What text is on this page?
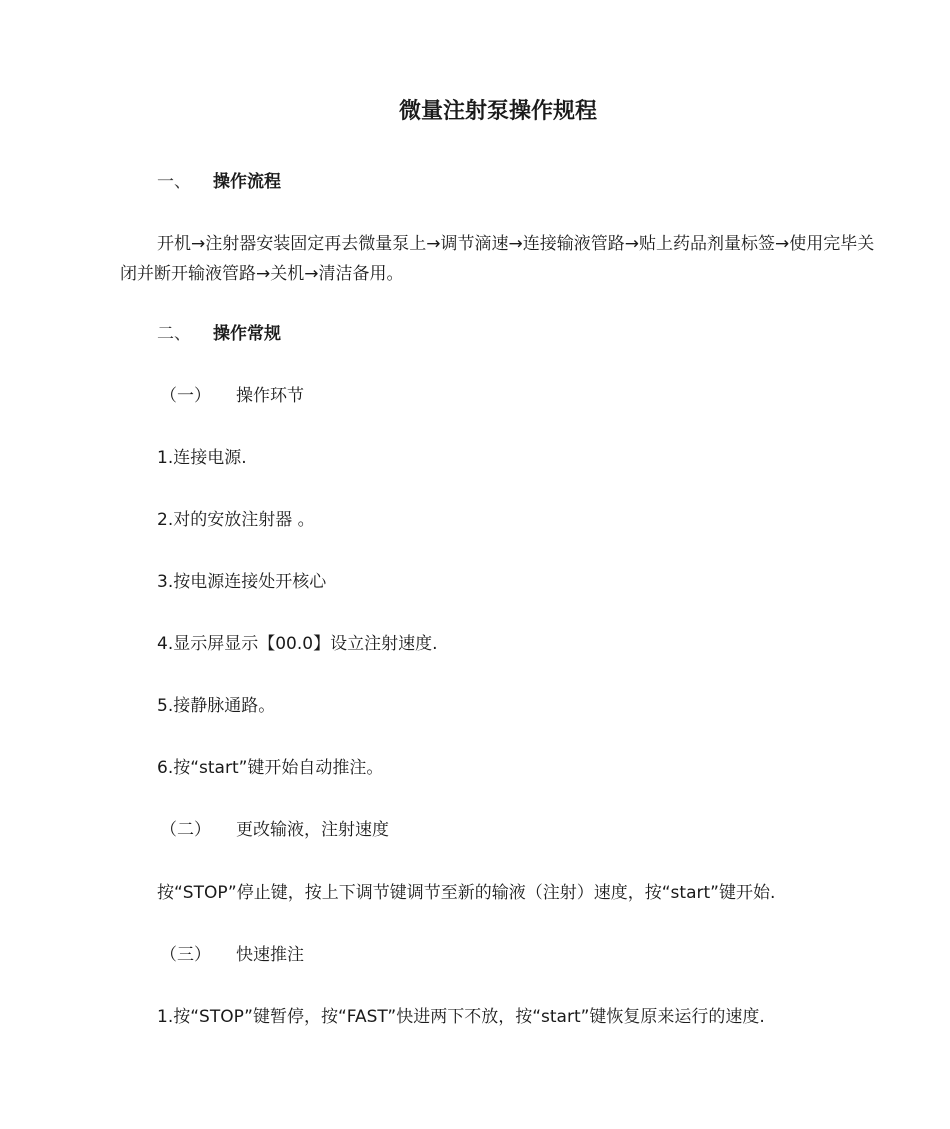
微量注射泵操作规程
一、 操作流程
开机→注射器安装固定再去微量泵上→调节滴速→连接输液管路→贴上药品剂量标签→使用完毕关闭并断开输液管路→关机→清洁备用。
二、 操作常规
（一） 操作环节
1.连接电源.
2.对的安放注射器 。
3.按电源连接处开核心
4.显示屏显示【00.0】设立注射速度.
5.接静脉通路。
6.按“start”键开始自动推注。
（二） 更改输液，注射速度
按“STOP”停止键，按上下调节键调节至新的输液（注射）速度，按“start”键开始.
（三） 快速推注
1.按“STOP”键暂停，按“FAST”快进两下不放，按“start”键恢复原来运行的速度.
